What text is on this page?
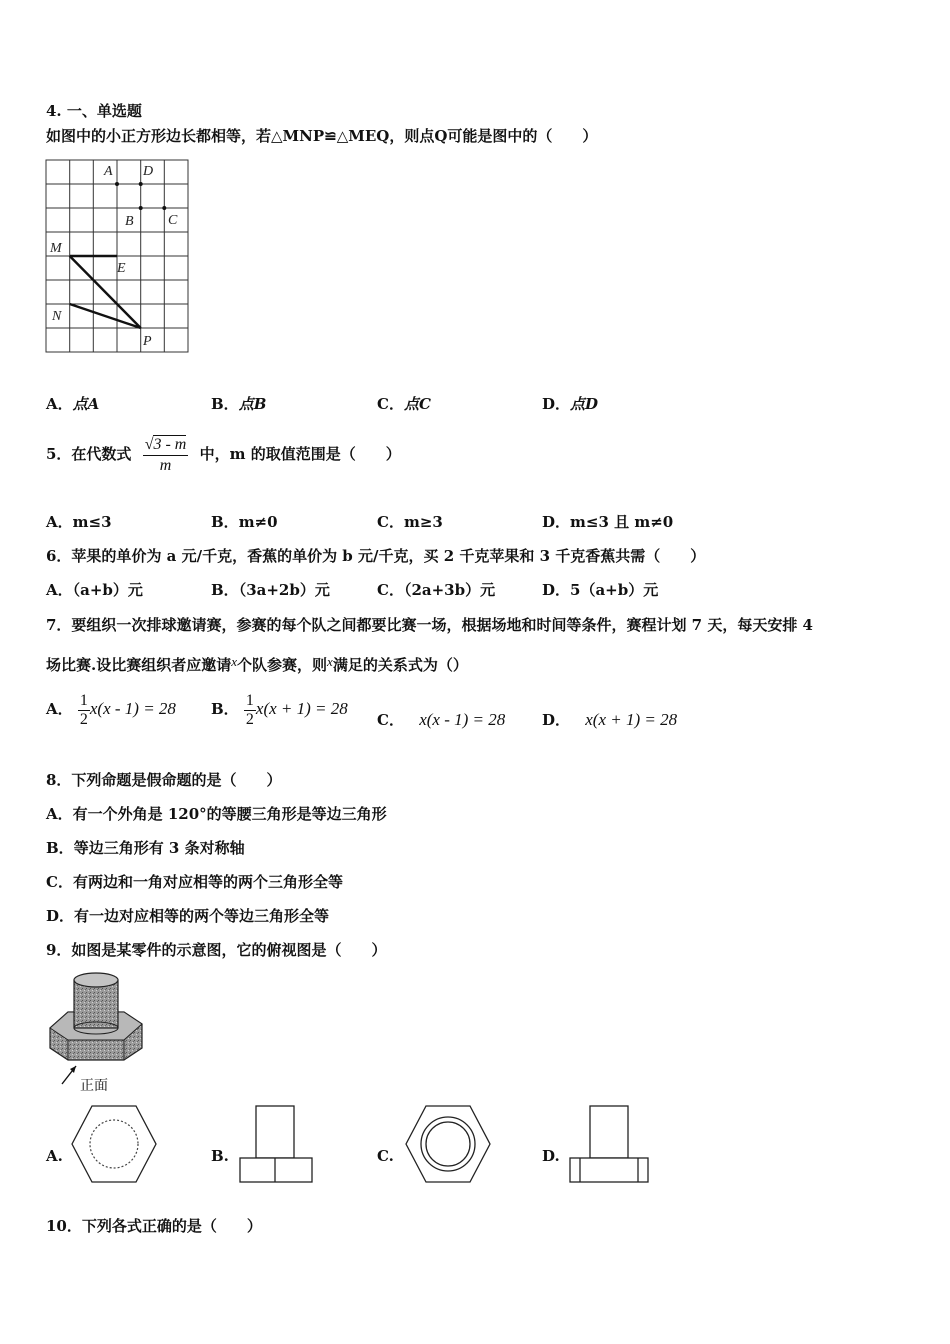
4. 一、单选题
如图中的小正方形边长都相等，若△MNP≌△MEQ，则点Q可能是图中的（　　）
A D
B C
M
E
N
P
A．点A	B．点B	C．点C	D．点D
5．在代数式 $\frac{√3 - m}{m}$ 中，m 的取值范围是（　　）
A．m≤3	B．m≠0	C．m≥3	D．m≤3 且 m≠0
6．苹果的单价为 a 元/千克，香蕉的单价为 b 元/千克，买 2 千克苹果和 3 千克香蕉共需（　　）
A．（a+b）元	B．（3a+2b）元	C．（2a+3b）元	D．5（a+b）元
7．要组织一次排球邀请赛，参赛的每个队之间都要比赛一场，根据场地和时间等条件，赛程计划 7 天，每天安排 4
场比赛.设比赛组织者应邀请x个队参赛，则x满足的关系式为（）
A． $\frac{1}{2} x(x - 1) = 28$ B． $\frac{1}{2} x(x + 1) = 28$
C． x(x - 1) = 28 D． x(x + 1) = 28
8．下列命题是假命题的是（　　）
A．有一个外角是 120°的等腰三角形是等边三角形
B．等边三角形有 3 条对称轴
C．有两边和一角对应相等的两个三角形全等
D．有一边对应相等的两个等边三角形全等
9．如图是某零件的示意图，它的俯视图是（　　）
正面
A.	B.	C.	D.
10．下列各式正确的是（　　）
